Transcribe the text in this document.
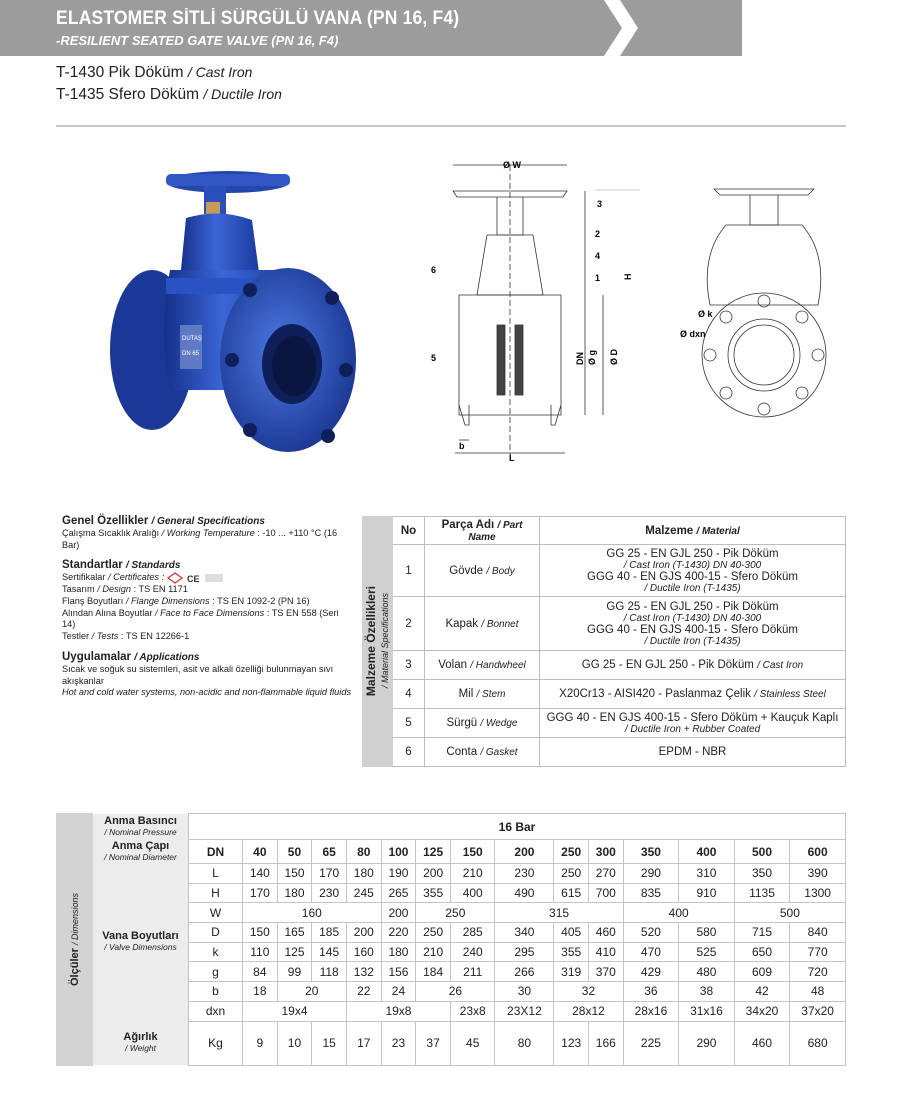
ELASTOMER SİTLİ SÜRGÜLÜ VANA (PN 16, F4)
-RESILIENT SEATED GATE VALVE (PN 16, F4)
T-1430 Pik Döküm / Cast Iron
T-1435 Sfero Döküm / Ductile Iron
DUTAŞ
DN 65
Ø W
3
2
4
1
6
5
H
DN Ø g Ø D
b
L
Ø k
Ø dxn
Genel Özellikler / General Specifications
Çalışma Sıcaklık Aralığı / Working Temperature : -10 ... +110 °C (16 Bar)
Standartlar / Standards
Sertifikalar / Certificates :	CE
Tasarım / Design : TS EN 1171
Flanş Boyutları / Flange Dimensions : TS EN 1092-2 (PN 16)
Alından Alına Boyutlar / Face to Face Dimensions : TS EN 558 (Seri 14)
Testler / Tests : TS EN 12266-1
Uygulamalar / Applications
Sıcak ve soğuk su sistemleri, asit ve alkali özelliği bulunmayan sıvı akışkanlar
Hot and cold water systems, non-acidic and non-flammable liquid fluids Malzeme Özellikleri / Material Specifications	No	Parça Adı / Part Name	Malzeme / Material
	1	Gövde / Body	GG 25 - EN GJL 250 - Pik Döküm
/ Cast Iron (T-1430) DN 40-300
GGG 40 - EN GJS 400-15 - Sfero Döküm
/ Ductile Iron (T-1435)

	2	Kapak / Bonnet	GG 25 - EN GJL 250 - Pik Döküm
/ Cast Iron (T-1430) DN 40-300
GGG 40 - EN GJS 400-15 - Sfero Döküm
/ Ductile Iron (T-1435)

	3	Volan / Handwheel	GG 25 - EN GJL 250 - Pik Döküm / Cast Iron
	4	Mil / Stem	X20Cr13 - AISI420 - Paslanmaz Çelik / Stainless Steel
	5	Sürgü / Wedge	GGG 40 - EN GJS 400-15 - Sfero Döküm + Kauçuk Kaplı
/ Ductile Iron + Rubber Coated

	6	Conta / Gasket	EPDM - NBR
Ölçüler / Dimensions	Anma Basıncı
/ Nominal Pressure	16 Bar														
	Anma Çapı
/ Nominal Diameter	DN	40	50	65	80	100	125	150	200	250	300	350	400	500	600
	Vana Boyutları
/ Valve Dimensions	L	140	150	170	180	190	200	210	230	250	270	290	310	350	390
		H	170	180	230	245	265	355	400	490	615	700	835	910	1135	1300
		W	160				200	250		315			400		500	
		D	150	165	185	200	220	250	285	340	405	460	520	580	715	840
		k	110	125	145	160	180	210	240	295	355	410	470	525	650	770
		g	84	99	118	132	156	184	211	266	319	370	429	480	609	720
		b	18	20		22	24	26		30	32		36	38	42	48
		dxn	19x4			19x8			23x8	23X12	28x12		28x16	31x16	34x20	37x20
	Ağırlık
/ Weight	Kg	9	10	15	17	23	37	45	80	123	166	225	290	460	680
